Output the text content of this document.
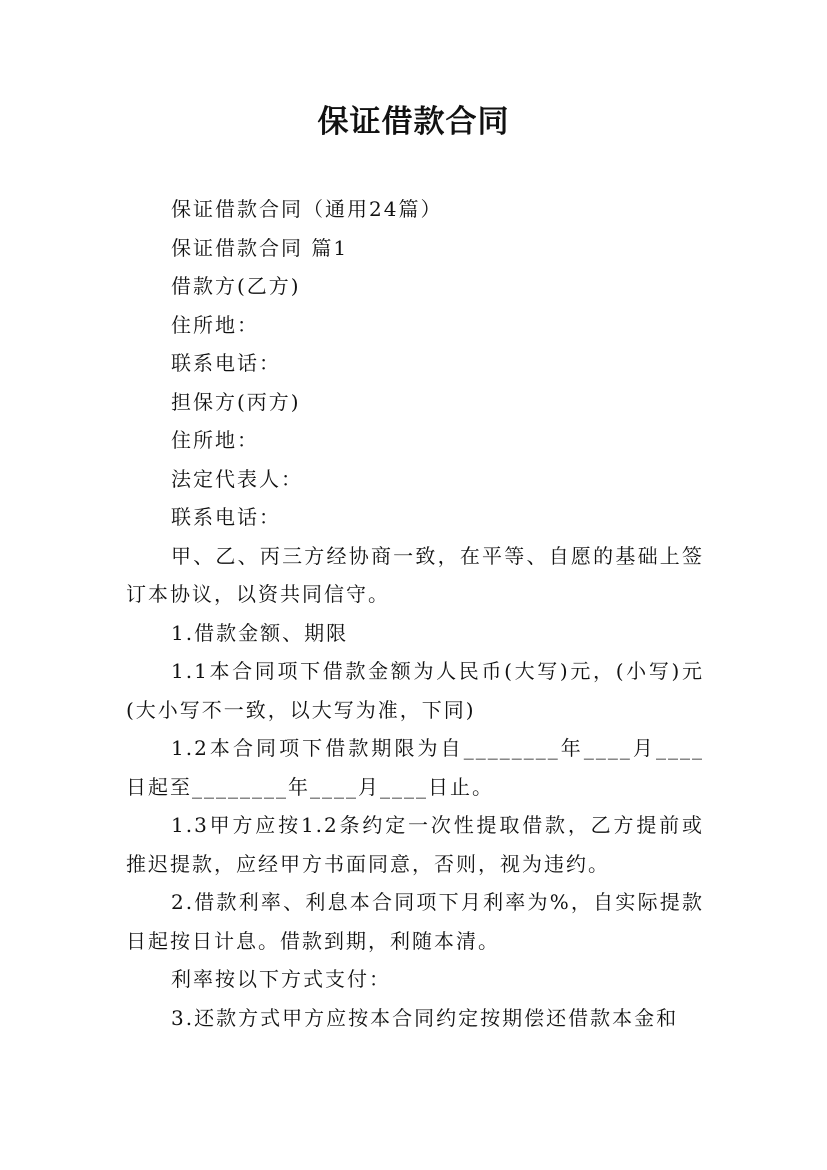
保证借款合同

保证借款合同（通用24篇）

保证借款合同 篇1

借款方(乙方)

住所地：

联系电话：

担保方(丙方)

住所地：

法定代表人：

联系电话：

甲、乙、丙三方经协商一致，在平等、自愿的基础上签订本协议，以资共同信守。

1.借款金额、期限

1.1本合同项下借款金额为人民币(大写)元，(小写)元(大小写不一致，以大写为准，下同)

1.2本合同项下借款期限为自________年____月____日起至________年____月____日止。

1.3甲方应按1.2条约定一次性提取借款，乙方提前或推迟提款，应经甲方书面同意，否则，视为违约。

2.借款利率、利息本合同项下月利率为%，自实际提款日起按日计息。借款到期，利随本清。

利率按以下方式支付：

3.还款方式甲方应按本合同约定按期偿还借款本金和
